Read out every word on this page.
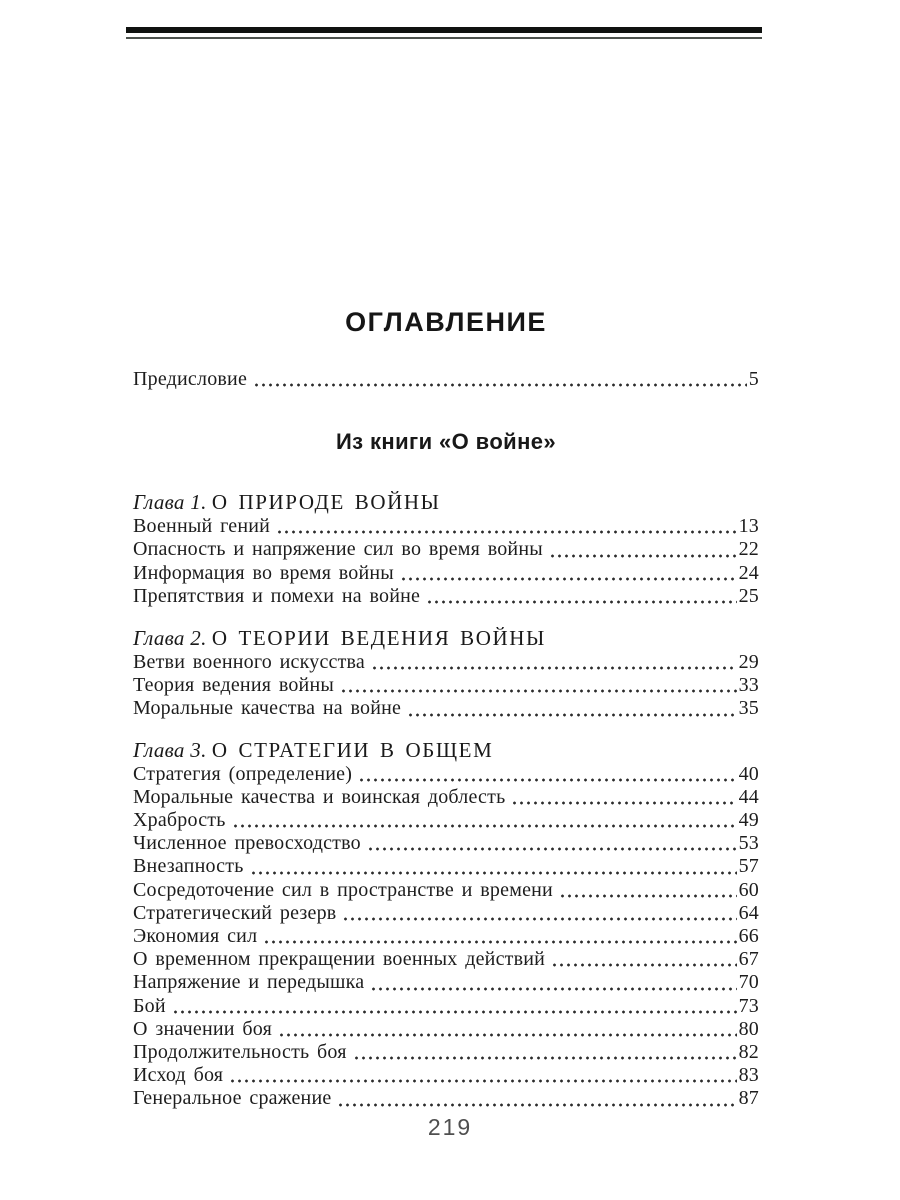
ОГЛАВЛЕНИЕ
Предисловие	5
Из книги «О войне»
Глава 1. О ПРИРОДЕ ВОЙНЫ
Военный гений	13
Опасность и напряжение сил во время войны	22
Информация во время войны	24
Препятствия и помехи на войне	25
Глава 2. О ТЕОРИИ ВЕДЕНИЯ ВОЙНЫ
Ветви военного искусства	29
Теория ведения войны	33
Моральные качества на войне	35
Глава 3. О СТРАТЕГИИ В ОБЩЕМ
Стратегия (определение)	40
Моральные качества и воинская доблесть	44
Храбрость	49
Численное превосходство	53
Внезапность	57
Сосредоточение сил в пространстве и времени	60
Стратегический резерв	64
Экономия сил	66
О временном прекращении военных действий	67
Напряжение и передышка	70
Бой	73
О значении боя	80
Продолжительность боя	82
Исход боя	83
Генеральное сражение	87
219
